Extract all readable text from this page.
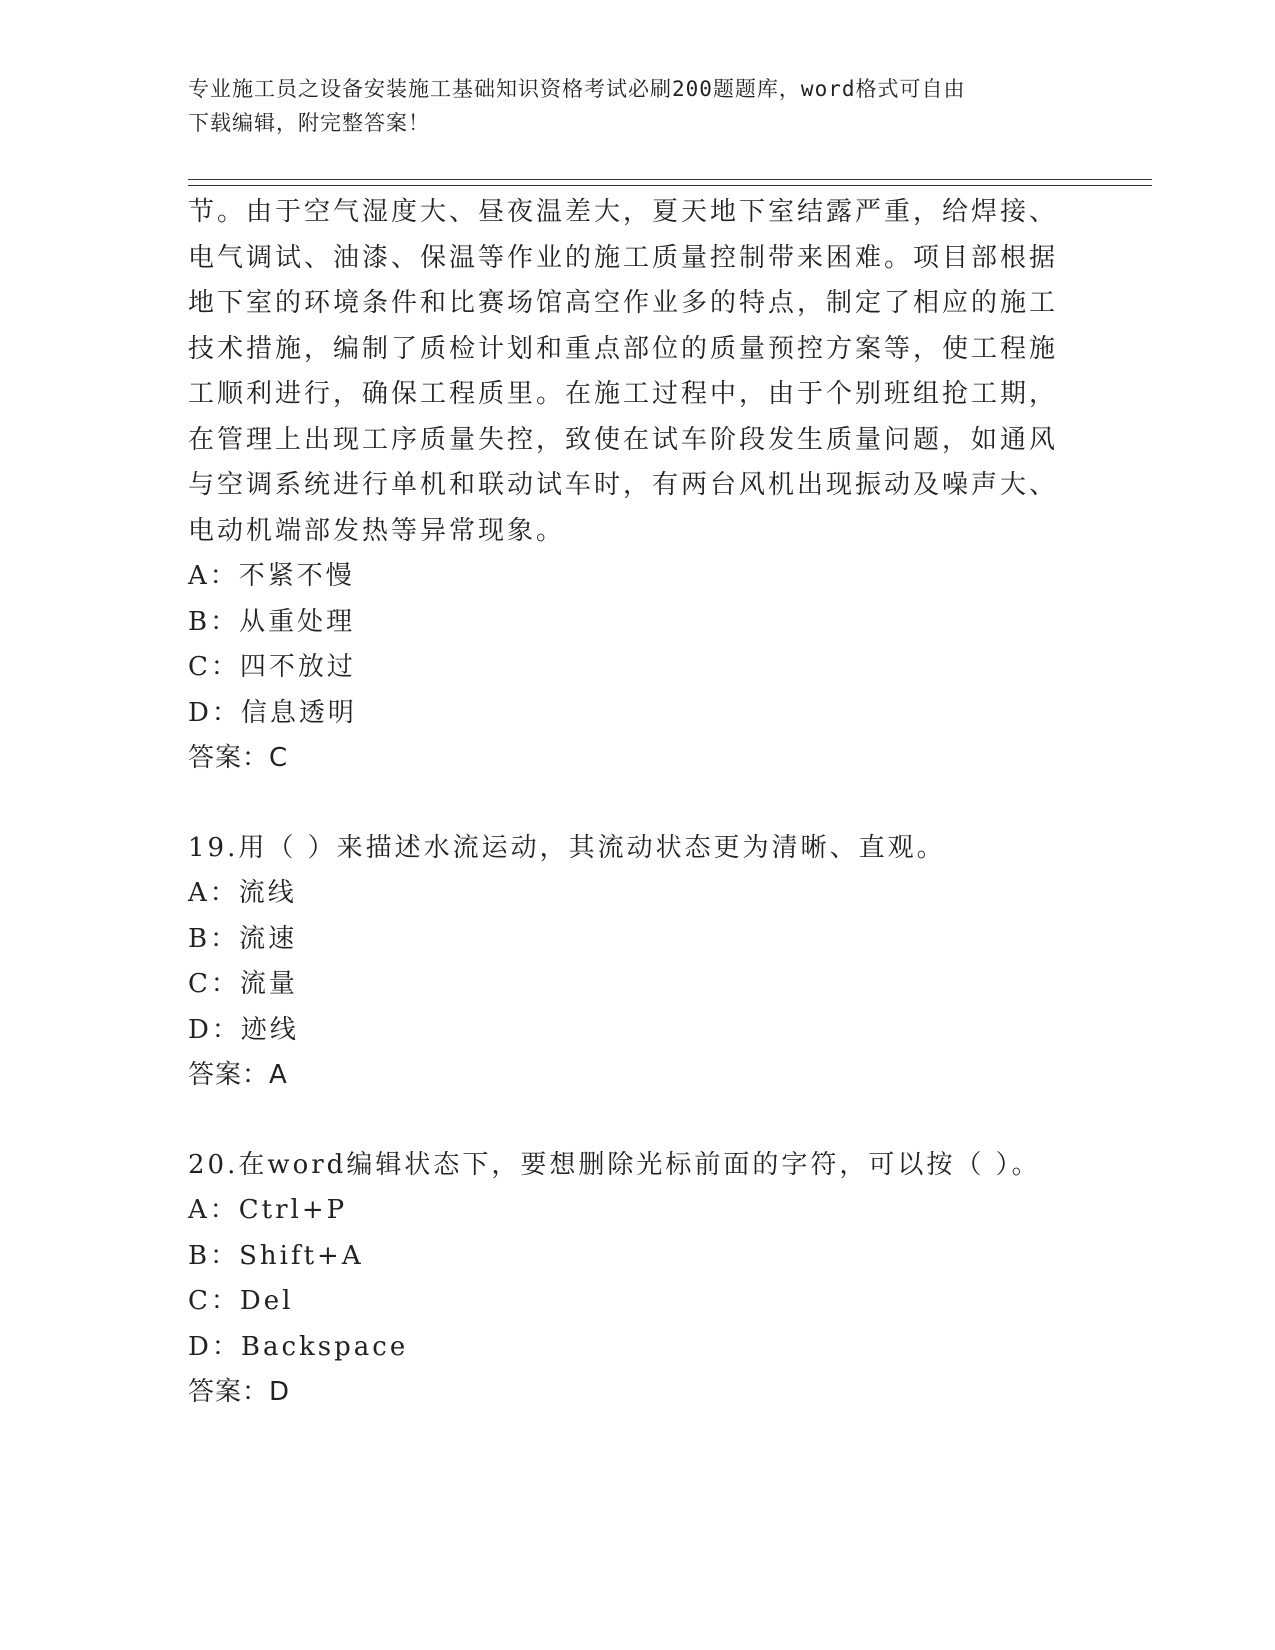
专业施工员之设备安装施工基础知识资格考试必刷200题题库，word格式可自由
下载编辑，附完整答案！
节。由于空气湿度大、昼夜温差大，夏天地下室结露严重，给焊接、
电气调试、油漆、保温等作业的施工质量控制带来困难。项目部根据
地下室的环境条件和比赛场馆高空作业多的特点，制定了相应的施工
技术措施，编制了质检计划和重点部位的质量预控方案等，使工程施
工顺利进行，确保工程质里。在施工过程中，由于个别班组抢工期，
在管理上出现工序质量失控，致使在试车阶段发生质量问题，如通风
与空调系统进行单机和联动试车时，有两台风机出现振动及噪声大、
电动机端部发热等异常现象。
A：不紧不慢
B：从重处理
C：四不放过
D：信息透明
答案：C
19.用（ ）来描述水流运动，其流动状态更为清晰、直观。
A：流线
B：流速
C：流量
D：迹线
答案：A
20.在word编辑状态下，要想删除光标前面的字符，可以按（ ）。
A：Ctrl+P
B：Shift+A
C：Del
D：Backspace
答案：D
